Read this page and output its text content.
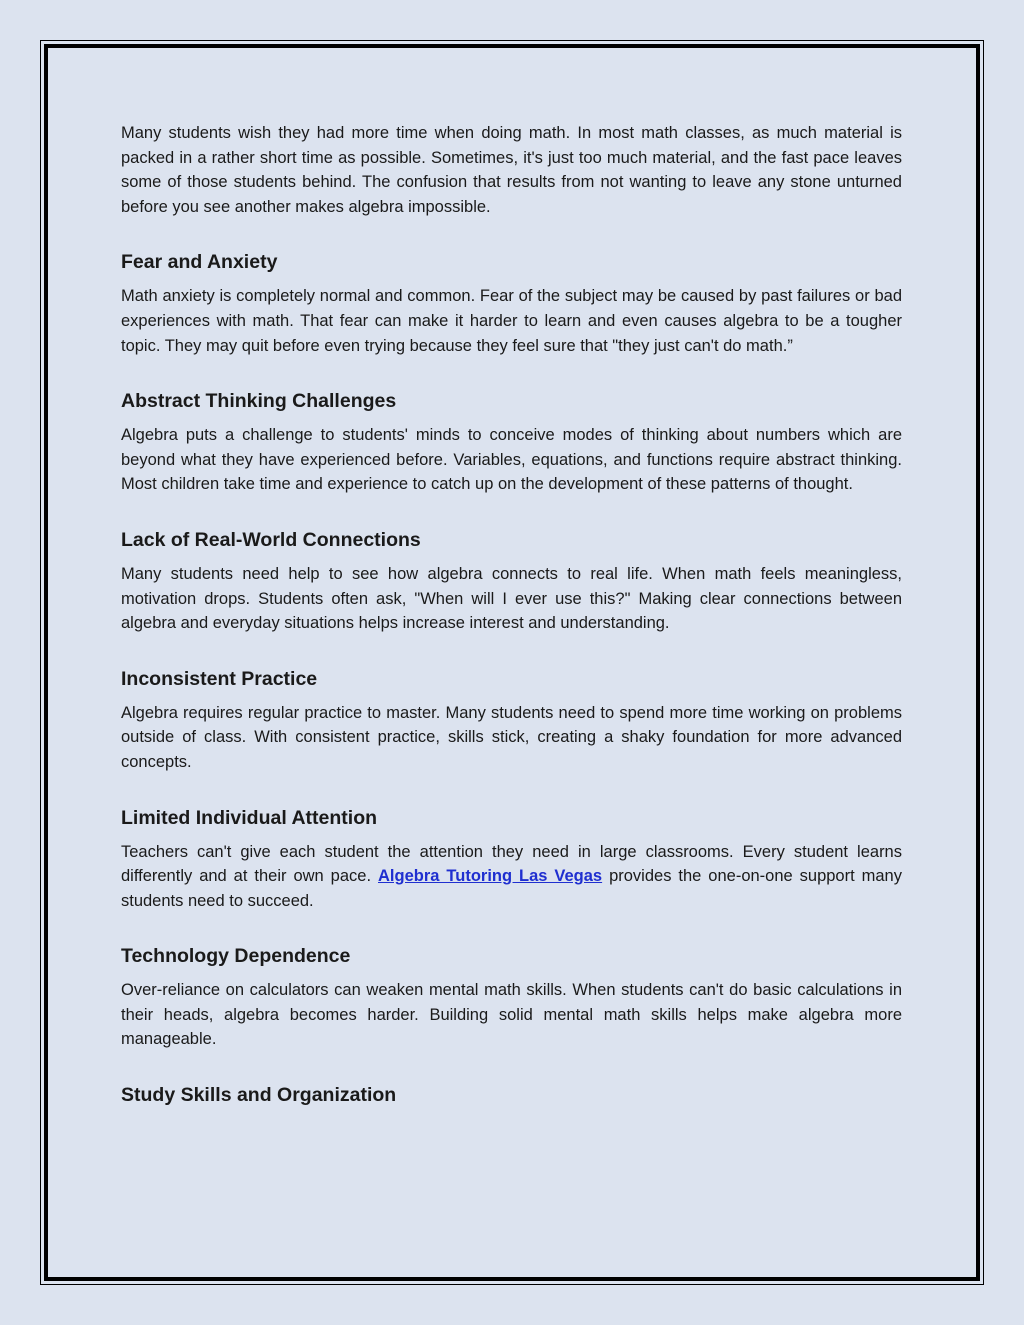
Many students wish they had more time when doing math. In most math classes, as much material is packed in a rather short time as possible. Sometimes, it's just too much material, and the fast pace leaves some of those students behind. The confusion that results from not wanting to leave any stone unturned before you see another makes algebra impossible.

Fear and Anxiety

Math anxiety is completely normal and common. Fear of the subject may be caused by past failures or bad experiences with math. That fear can make it harder to learn and even causes algebra to be a tougher topic. They may quit before even trying because they feel sure that "they just can't do math.”

Abstract Thinking Challenges

Algebra puts a challenge to students' minds to conceive modes of thinking about numbers which are beyond what they have experienced before. Variables, equations, and functions require abstract thinking. Most children take time and experience to catch up on the development of these patterns of thought.

Lack of Real-World Connections

Many students need help to see how algebra connects to real life. When math feels meaningless, motivation drops. Students often ask, "When will I ever use this?" Making clear connections between algebra and everyday situations helps increase interest and understanding.

Inconsistent Practice

Algebra requires regular practice to master. Many students need to spend more time working on problems outside of class. With consistent practice, skills stick, creating a shaky foundation for more advanced concepts.

Limited Individual Attention

Teachers can't give each student the attention they need in large classrooms. Every student learns differently and at their own pace. Algebra Tutoring Las Vegas provides the one-on-one support many students need to succeed.

Technology Dependence

Over-reliance on calculators can weaken mental math skills. When students can't do basic calculations in their heads, algebra becomes harder. Building solid mental math skills helps make algebra more manageable.

Study Skills and Organization
